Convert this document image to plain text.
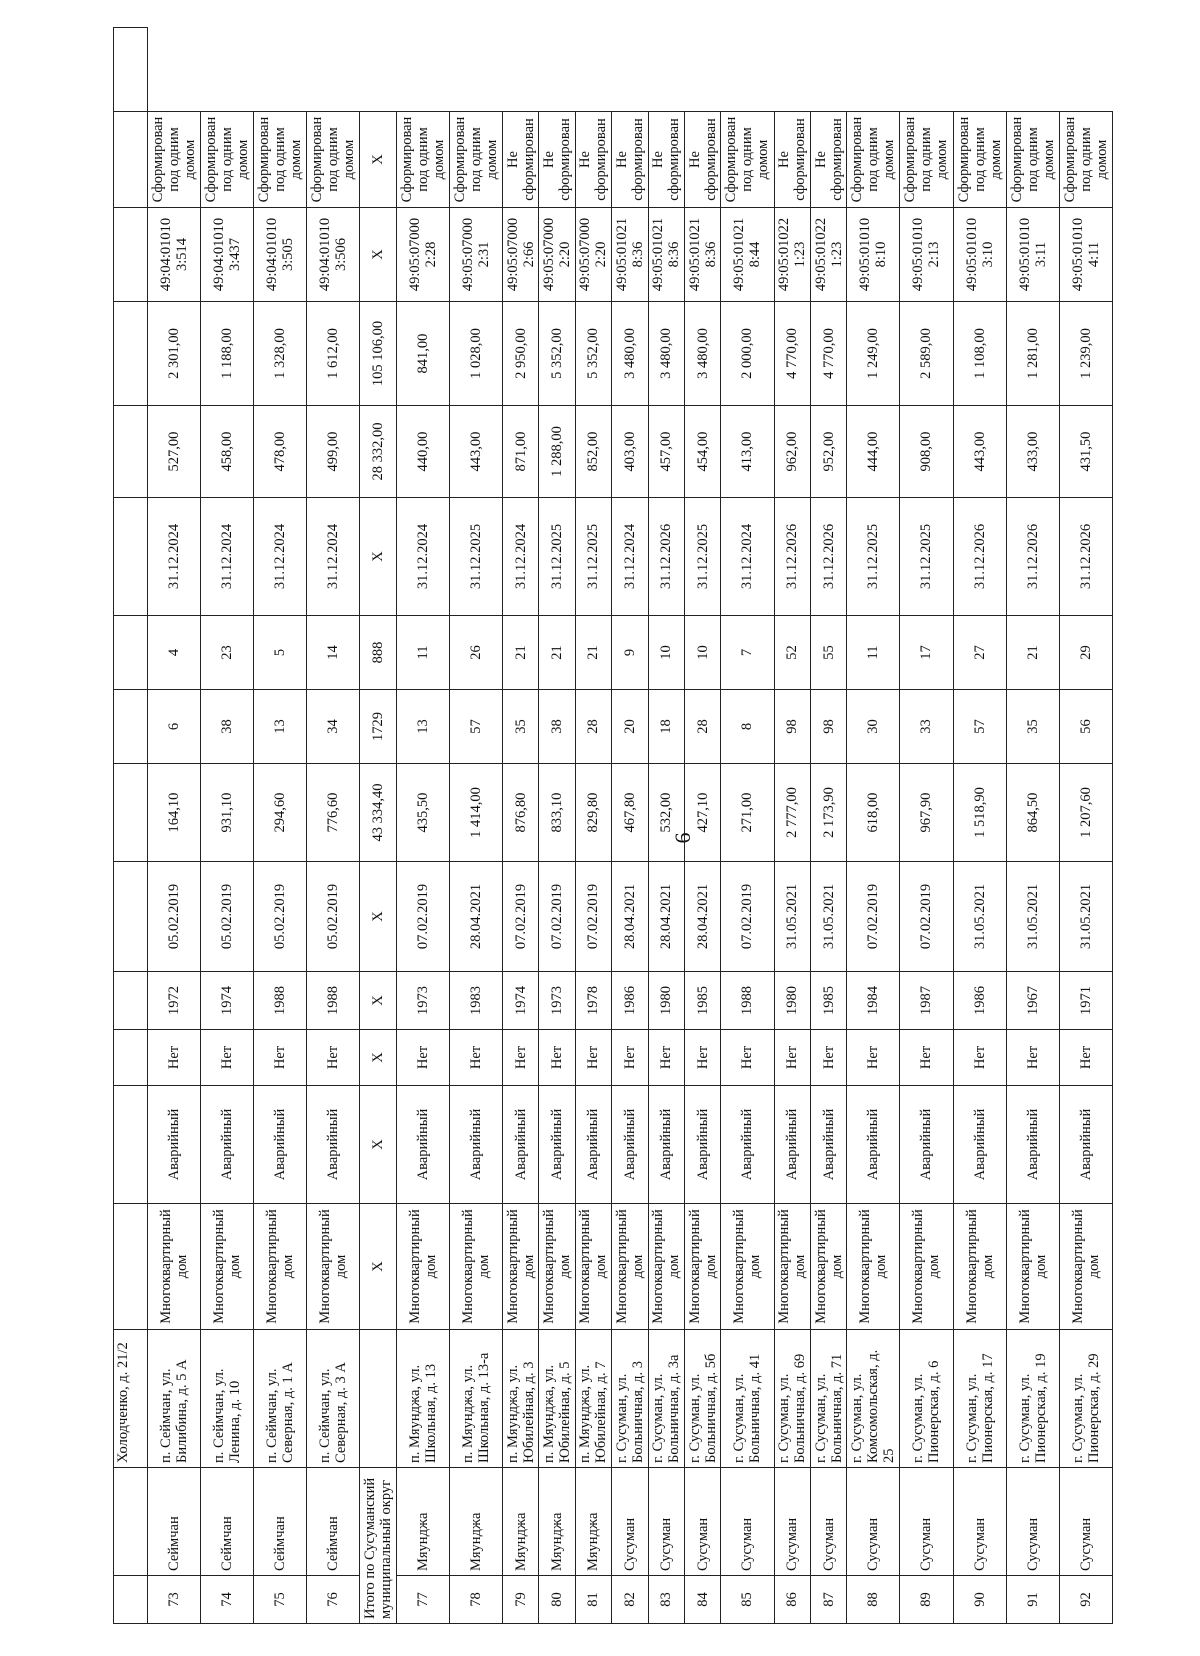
6
		Холодченко, д. 21/2														
73	Сеймчан	п. Сеймчан, ул. Билибина, д. 5 А	Многоквартирный дом	Аварийный	Нет	1972	05.02.2019	164,10	6	4	31.12.2024	527,00	2 301,00	49:04:01010 3:514	Сформирован под одним домом	
74	Сеймчан	п. Сеймчан, ул. Ленина, д. 10	Многоквартирный дом	Аварийный	Нет	1974	05.02.2019	931,10	38	23	31.12.2024	458,00	1 188,00	49:04:01010 3:437	Сформирован под одним домом	
75	Сеймчан	п. Сеймчан, ул. Северная, д. 1 А	Многоквартирный дом	Аварийный	Нет	1988	05.02.2019	294,60	13	5	31.12.2024	478,00	1 328,00	49:04:01010 3:505	Сформирован под одним домом	
76	Сеймчан	п. Сеймчан, ул. Северная, д. 3 А	Многоквартирный дом	Аварийный	Нет	1988	05.02.2019	776,60	34	14	31.12.2024	499,00	1 612,00	49:04:01010 3:506	Сформирован под одним домом	
Итого по Сусуманский муниципальный округ			X	X	X	X	X	43 334,40	1729	888	X	28 332,00	105 106,00	X	X	
77	Мяунджа	п. Мяунджа, ул. Школьная, д. 13	Многоквартирный дом	Аварийный	Нет	1973	07.02.2019	435,50	13	11	31.12.2024	440,00	841,00	49:05:07000 2:28	Сформирован под одним домом	
78	Мяунджа	п. Мяунджа, ул. Школьная, д. 13-а	Многоквартирный дом	Аварийный	Нет	1983	28.04.2021	1 414,00	57	26	31.12.2025	443,00	1 028,00	49:05:07000 2:31	Сформирован под одним домом	
79	Мяунджа	п. Мяунджа, ул. Юбилейная, д. 3	Многоквартирный дом	Аварийный	Нет	1974	07.02.2019	876,80	35	21	31.12.2024	871,00	2 950,00	49:05:07000 2:66	Не сформирован	
80	Мяунджа	п. Мяунджа, ул. Юбилейная, д. 5	Многоквартирный дом	Аварийный	Нет	1973	07.02.2019	833,10	38	21	31.12.2025	1 288,00	5 352,00	49:05:07000 2:20	Не сформирован	
81	Мяунджа	п. Мяунджа, ул. Юбилейная, д. 7	Многоквартирный дом	Аварийный	Нет	1978	07.02.2019	829,80	28	21	31.12.2025	852,00	5 352,00	49:05:07000 2:20	Не сформирован	
82	Сусуман	г. Сусуман, ул. Больничная, д. 3	Многоквартирный дом	Аварийный	Нет	1986	28.04.2021	467,80	20	9	31.12.2024	403,00	3 480,00	49:05:01021 8:36	Не сформирован	
83	Сусуман	г. Сусуман, ул. Больничная, д. 3а	Многоквартирный дом	Аварийный	Нет	1980	28.04.2021	532,00	18	10	31.12.2026	457,00	3 480,00	49:05:01021 8:36	Не сформирован	
84	Сусуман	г. Сусуман, ул. Больничная, д. 5б	Многоквартирный дом	Аварийный	Нет	1985	28.04.2021	427,10	28	10	31.12.2025	454,00	3 480,00	49:05:01021 8:36	Не сформирован	
85	Сусуман	г. Сусуман, ул. Больничная, д. 41	Многоквартирный дом	Аварийный	Нет	1988	07.02.2019	271,00	8	7	31.12.2024	413,00	2 000,00	49:05:01021 8:44	Сформирован под одним домом	
86	Сусуман	г. Сусуман, ул. Больничная, д. 69	Многоквартирный дом	Аварийный	Нет	1980	31.05.2021	2 777,00	98	52	31.12.2026	962,00	4 770,00	49:05:01022 1:23	Не сформирован	
87	Сусуман	г. Сусуман, ул. Больничная, д. 71	Многоквартирный дом	Аварийный	Нет	1985	31.05.2021	2 173,90	98	55	31.12.2026	952,00	4 770,00	49:05:01022 1:23	Не сформирован	
88	Сусуман	г. Сусуман, ул. Комсомольская, д. 25	Многоквартирный дом	Аварийный	Нет	1984	07.02.2019	618,00	30	11	31.12.2025	444,00	1 249,00	49:05:01010 8:10	Сформирован под одним домом	
89	Сусуман	г. Сусуман, ул. Пионерская, д. 6	Многоквартирный дом	Аварийный	Нет	1987	07.02.2019	967,90	33	17	31.12.2025	908,00	2 589,00	49:05:01010 2:13	Сформирован под одним домом	
90	Сусуман	г. Сусуман, ул. Пионерская, д. 17	Многоквартирный дом	Аварийный	Нет	1986	31.05.2021	1 518,90	57	27	31.12.2026	443,00	1 108,00	49:05:01010 3:10	Сформирован под одним домом	
91	Сусуман	г. Сусуман, ул. Пионерская, д. 19	Многоквартирный дом	Аварийный	Нет	1967	31.05.2021	864,50	35	21	31.12.2026	433,00	1 281,00	49:05:01010 3:11	Сформирован под одним домом	
92	Сусуман	г. Сусуман, ул. Пионерская, д. 29	Многоквартирный дом	Аварийный	Нет	1971	31.05.2021	1 207,60	56	29	31.12.2026	431,50	1 239,00	49:05:01010 4:11	Сформирован под одним домом	
